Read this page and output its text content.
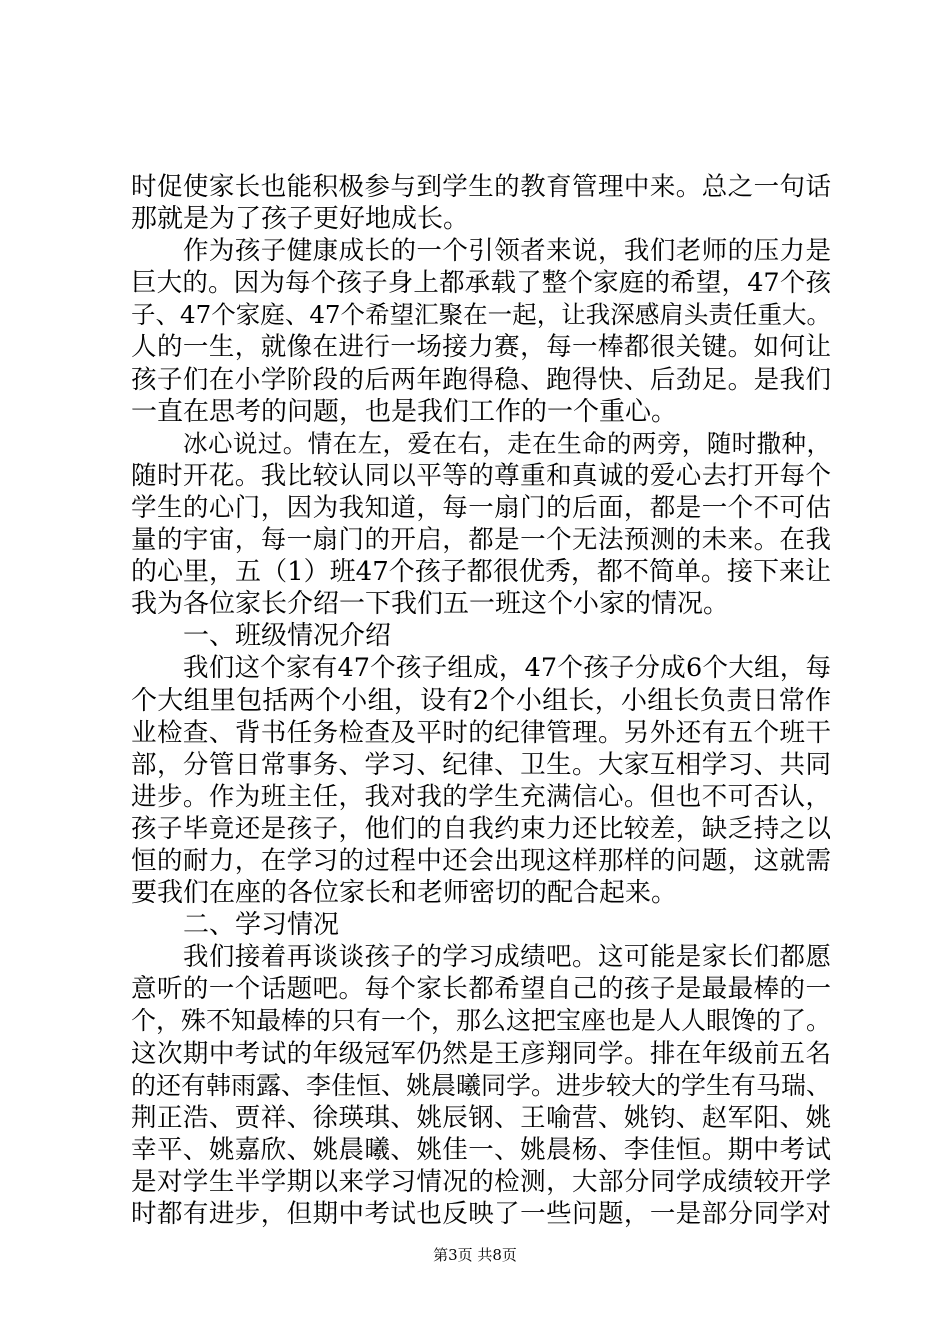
时促使家长也能积极参与到学生的教育管理中来。总之一句话
那就是为了孩子更好地成长。
作为孩子健康成长的一个引领者来说，我们老师的压力是
巨大的。因为每个孩子身上都承载了整个家庭的希望，47个孩
子、47个家庭、47个希望汇聚在一起，让我深感肩头责任重大。
人的一生，就像在进行一场接力赛，每一棒都很关键。如何让
孩子们在小学阶段的后两年跑得稳、跑得快、后劲足。是我们
一直在思考的问题，也是我们工作的一个重心。
冰心说过。情在左，爱在右，走在生命的两旁，随时撒种，
随时开花。我比较认同以平等的尊重和真诚的爱心去打开每个
学生的心门，因为我知道，每一扇门的后面，都是一个不可估
量的宇宙，每一扇门的开启，都是一个无法预测的未来。在我
的心里，五（1）班47个孩子都很优秀，都不简单。接下来让
我为各位家长介绍一下我们五一班这个小家的情况。
一、班级情况介绍
我们这个家有47个孩子组成，47个孩子分成6个大组，每
个大组里包括两个小组，设有2个小组长，小组长负责日常作
业检查、背书任务检查及平时的纪律管理。另外还有五个班干
部，分管日常事务、学习、纪律、卫生。大家互相学习、共同
进步。作为班主任，我对我的学生充满信心。但也不可否认，
孩子毕竟还是孩子，他们的自我约束力还比较差，缺乏持之以
恒的耐力，在学习的过程中还会出现这样那样的问题，这就需
要我们在座的各位家长和老师密切的配合起来。
二、学习情况
我们接着再谈谈孩子的学习成绩吧。这可能是家长们都愿
意听的一个话题吧。每个家长都希望自己的孩子是最最棒的一
个，殊不知最棒的只有一个，那么这把宝座也是人人眼馋的了。
这次期中考试的年级冠军仍然是王彦翔同学。排在年级前五名
的还有韩雨露、李佳恒、姚晨曦同学。进步较大的学生有马瑞、
荆正浩、贾祥、徐瑛琪、姚辰钢、王喻营、姚钧、赵军阳、姚
幸平、姚嘉欣、姚晨曦、姚佳一、姚晨杨、李佳恒。期中考试
是对学生半学期以来学习情况的检测，大部分同学成绩较开学
时都有进步，但期中考试也反映了一些问题，一是部分同学对
第3页 共8页
